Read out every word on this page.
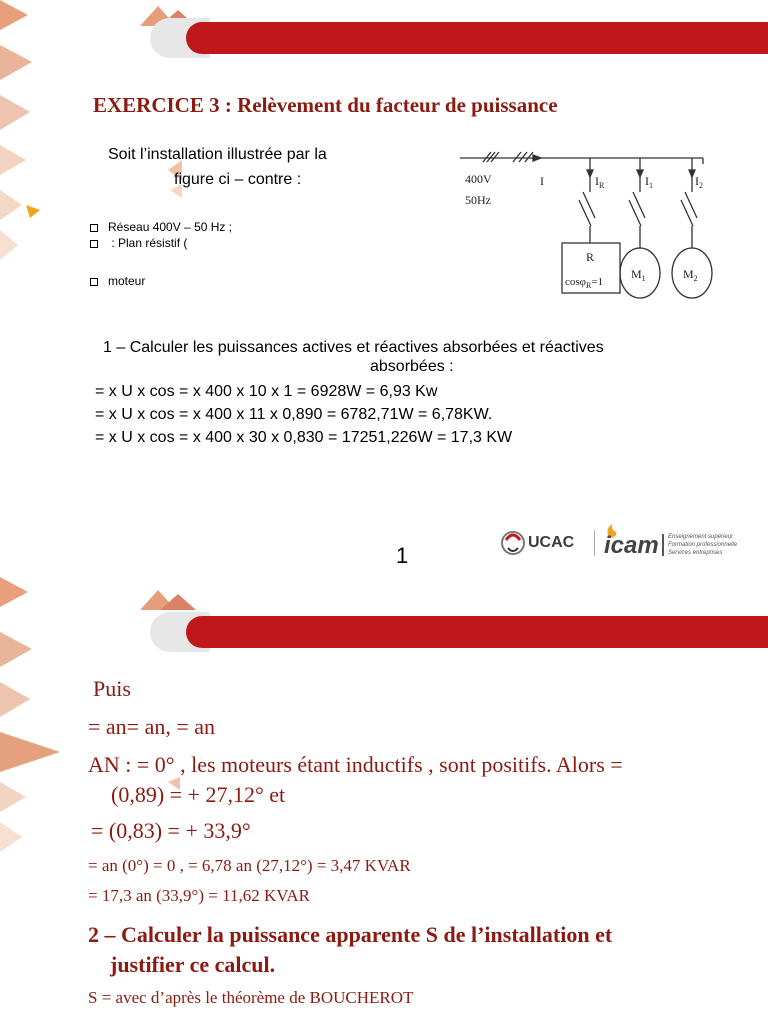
EXERCICE 3 : Relèvement du facteur de puissance
Soit l’installation illustrée par la
figure ci – contre :
Réseau 400V – 50 Hz ;
: Plan résistif (
moteur
400V
50Hz
I	$I_R$	$I_1$	$I_2$
R
cosφ$_R$=1
$M_1$	$M_2$
1 – Calculer les puissances actives et réactives absorbées et réactives
absorbées :
= x U x cos = x 400 x 10 x 1 = 6928W = 6,93 Kw
= x U x cos = x 400 x 11 x 0,890 = 6782,71W = 6,78KW.
= x U x cos = x 400 x 30 x 0,830 = 17251,226W = 17,3 KW
1
UCAC icam Enseignement supérieur
Formation professionnelle
Services entreprises
Puis
= an= an, = an
AN : = 0° , les moteurs étant inductifs , sont positifs. Alors =
(0,89) = + 27,12° et
= (0,83) = + 33,9°
= an (0°) = 0 , = 6,78 an (27,12°) = 3,47 KVAR
= 17,3 an (33,9°) = 11,62 KVAR
2 – Calculer la puissance apparente S de l’installation et
justifier ce calcul.
S = avec d’après le théorème de BOUCHEROT
